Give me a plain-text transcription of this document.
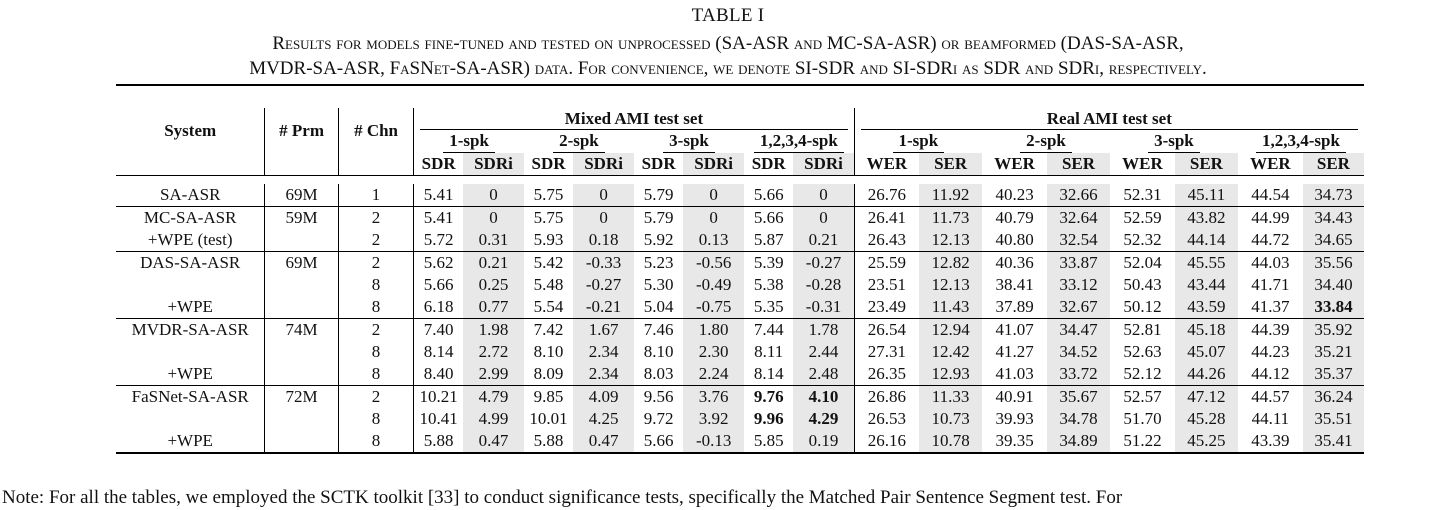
TABLE I
Results for models fine-tuned and tested on unprocessed (SA-ASR and MC-SA-ASR) or beamformed (DAS-SA-ASR,
MVDR-SA-ASR, FaSNet-SA-ASR) data. For convenience, we denote SI-SDR and SI-SDRi as SDR and SDRi, respectively.

System	# Prm	# Chn	Mixed AMI test set								Real AMI test set							

			1-spk		2-spk		3-spk		1,2,3,4-spk		1-spk		2-spk		3-spk		1,2,3,4-spk	
			SDR	SDRi	SDR	SDRi	SDR	SDRi	SDR	SDRi	WER	SER	WER	SER	WER	SER	WER	SER

SA-ASR	69M	1	5.41	0	5.75	0	5.79	0	5.66	0	26.76	11.92	40.23	32.66	52.31	45.11	44.54	34.73
MC-SA-ASR	59M	2	5.41	0	5.75	0	5.79	0	5.66	0	26.41	11.73	40.79	32.64	52.59	43.82	44.99	34.43
+WPE (test)		2	5.72	0.31	5.93	0.18	5.92	0.13	5.87	0.21	26.43	12.13	40.80	32.54	52.32	44.14	44.72	34.65
DAS-SA-ASR	69M	2	5.62	0.21	5.42	-0.33	5.23	-0.56	5.39	-0.27	25.59	12.82	40.36	33.87	52.04	45.55	44.03	35.56
		8	5.66	0.25	5.48	-0.27	5.30	-0.49	5.38	-0.28	23.51	12.13	38.41	33.12	50.43	43.44	41.71	34.40
+WPE		8	6.18	0.77	5.54	-0.21	5.04	-0.75	5.35	-0.31	23.49	11.43	37.89	32.67	50.12	43.59	41.37	33.84
MVDR-SA-ASR	74M	2	7.40	1.98	7.42	1.67	7.46	1.80	7.44	1.78	26.54	12.94	41.07	34.47	52.81	45.18	44.39	35.92
		8	8.14	2.72	8.10	2.34	8.10	2.30	8.11	2.44	27.31	12.42	41.27	34.52	52.63	45.07	44.23	35.21
+WPE		8	8.40	2.99	8.09	2.34	8.03	2.24	8.14	2.48	26.35	12.93	41.03	33.72	52.12	44.26	44.12	35.37
FaSNet-SA-ASR	72M	2	10.21	4.79	9.85	4.09	9.56	3.76	9.76	4.10	26.86	11.33	40.91	35.67	52.57	47.12	44.57	36.24
		8	10.41	4.99	10.01	4.25	9.72	3.92	9.96	4.29	26.53	10.73	39.93	34.78	51.70	45.28	44.11	35.51
+WPE		8	5.88	0.47	5.88	0.47	5.66	-0.13	5.85	0.19	26.16	10.78	39.35	34.89	51.22	45.25	43.39	35.41
Note: For all the tables, we employed the SCTK toolkit [33] to conduct significance tests, specifically the Matched Pair Sentence Segment test. For
